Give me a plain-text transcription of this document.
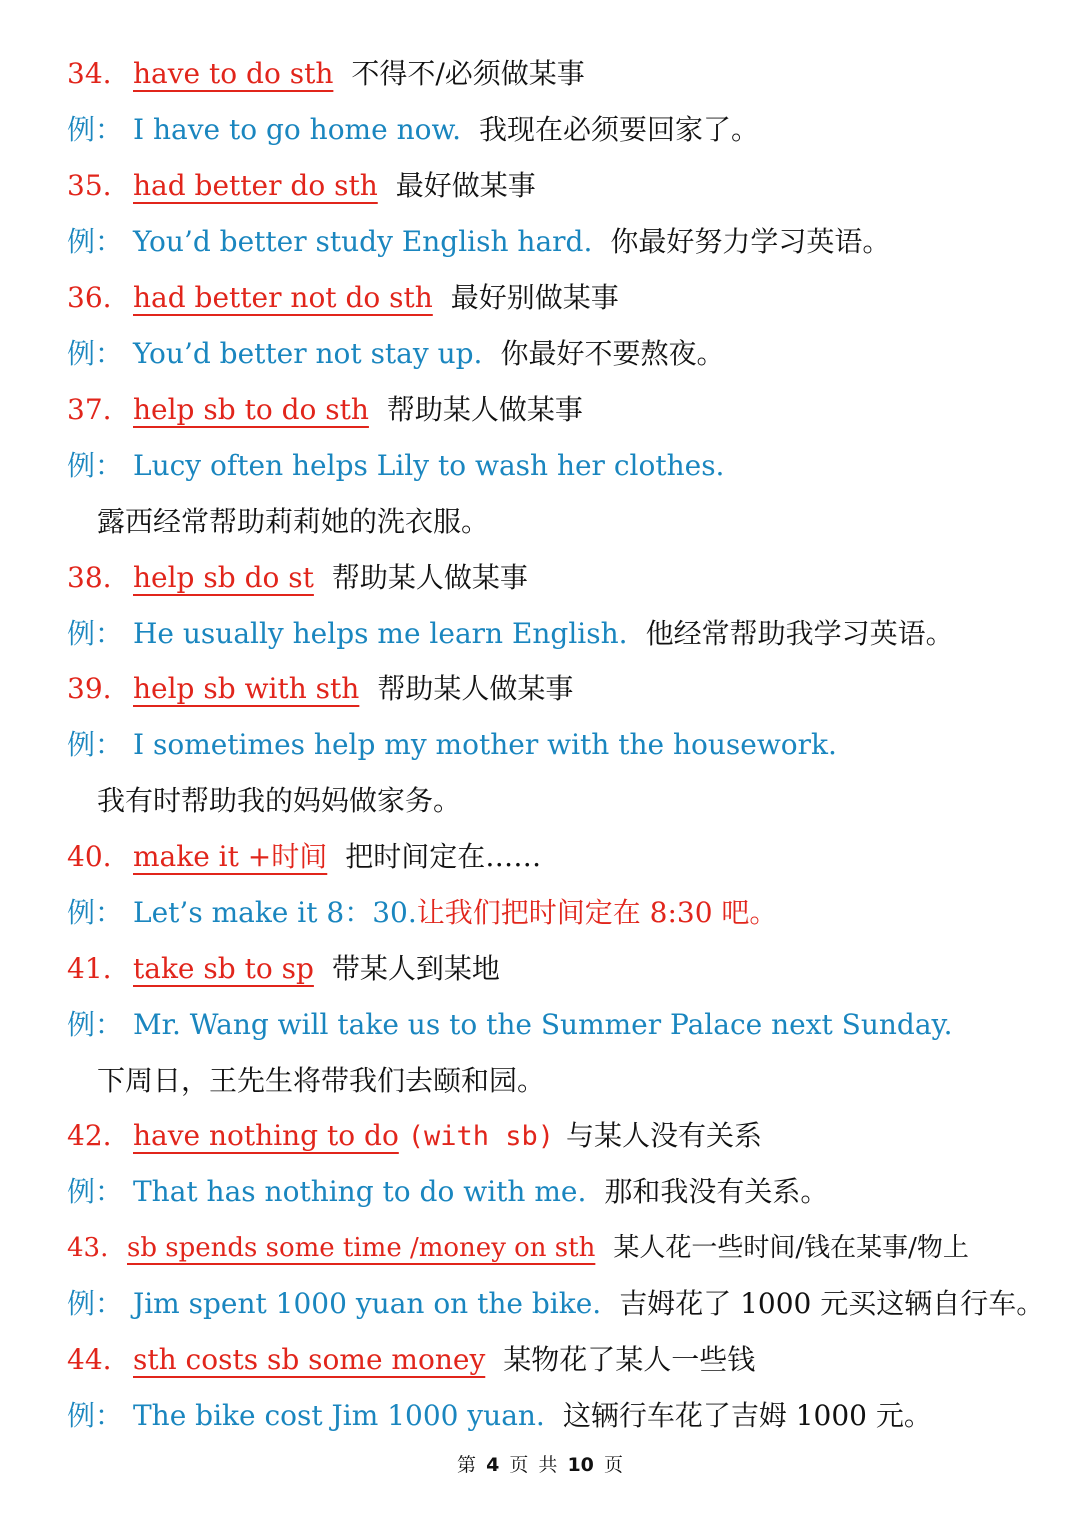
34. have to do sth 不得不/必须做某事
例： I have to go home now. 我现在必须要回家了。
35. had better do sth 最好做某事
例： You’d better study English hard. 你最好努力学习英语。
36. had better not do sth 最好别做某事
例： You’d better not stay up. 你最好不要熬夜。
37. help sb to do sth 帮助某人做某事
例： Lucy often helps Lily to wash her clothes.
露西经常帮助莉莉她的洗衣服。
38. help sb do st 帮助某人做某事
例： He usually helps me learn English. 他经常帮助我学习英语。
39. help sb with sth 帮助某人做某事
例： I sometimes help my mother with the housework.
我有时帮助我的妈妈做家务。
40. make it +时间 把时间定在……
例： Let’s make it 8：30.让我们把时间定在 8:30 吧。
41. take sb to sp 带某人到某地
例： Mr. Wang will take us to the Summer Palace next Sunday.
下周日，王先生将带我们去颐和园。
42. have nothing to do (with sb) 与某人没有关系
例： That has nothing to do with me. 那和我没有关系。
43. sb spends some time /money on sth 某人花一些时间/钱在某事/物上
例： Jim spent 1000 yuan on the bike. 吉姆花了 1000 元买这辆自行车。
44. sth costs sb some money 某物花了某人一些钱
例： The bike cost Jim 1000 yuan. 这辆行车花了吉姆 1000 元。
第 4 页 共 10 页
